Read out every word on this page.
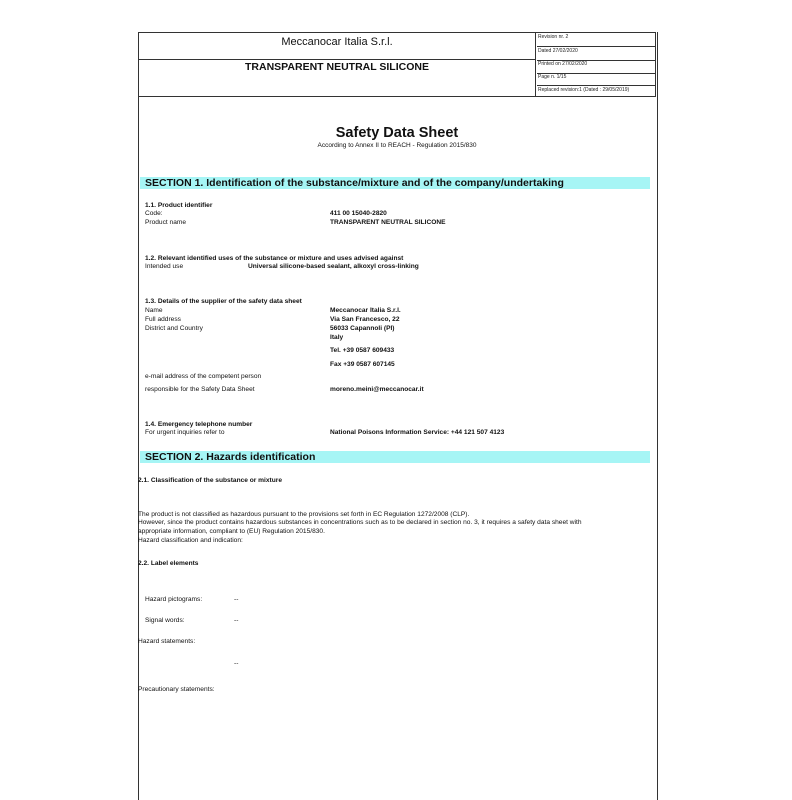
Meccanocar Italia S.r.l.
TRANSPARENT NEUTRAL SILICONE
Revision nr. 2
Dated 27/02/2020
Printed on 27/02/2020
Page n. 1/15
Replaced revision:1 (Dated : 29/05/2019)
Safety Data Sheet
According to Annex II to REACH - Regulation 2015/830
SECTION 1. Identification of the substance/mixture and of the company/undertaking
1.1. Product identifier
Code:	411 00 15040-2820
Product name	TRANSPARENT NEUTRAL SILICONE
1.2. Relevant identified uses of the substance or mixture and uses advised against
Intended use	Universal silicone-based sealant, alkoxyl cross-linking
1.3. Details of the supplier of the safety data sheet
Name	Meccanocar Italia S.r.l.
Full address	Via San Francesco, 22
District and Country	56033 Capannoli (PI)
Italy
Tel. +39 0587 609433
Fax +39 0587 607145
e-mail address of the competent person
responsible for the Safety Data Sheet	moreno.meini@meccanocar.it
1.4. Emergency telephone number
For urgent inquiries refer to	National Poisons Information Service: +44 121 507 4123
SECTION 2. Hazards identification
2.1. Classification of the substance or mixture
The product is not classified as hazardous pursuant to the provisions set forth in EC Regulation 1272/2008 (CLP).
However, since the product contains hazardous substances in concentrations such as to be declared in section no. 3, it requires a safety data sheet with
appropriate information, compliant to (EU) Regulation 2015/830.
Hazard classification and indication:
2.2. Label elements
Hazard pictograms:	--
Signal words:	--
Hazard statements:
--
Precautionary statements:
